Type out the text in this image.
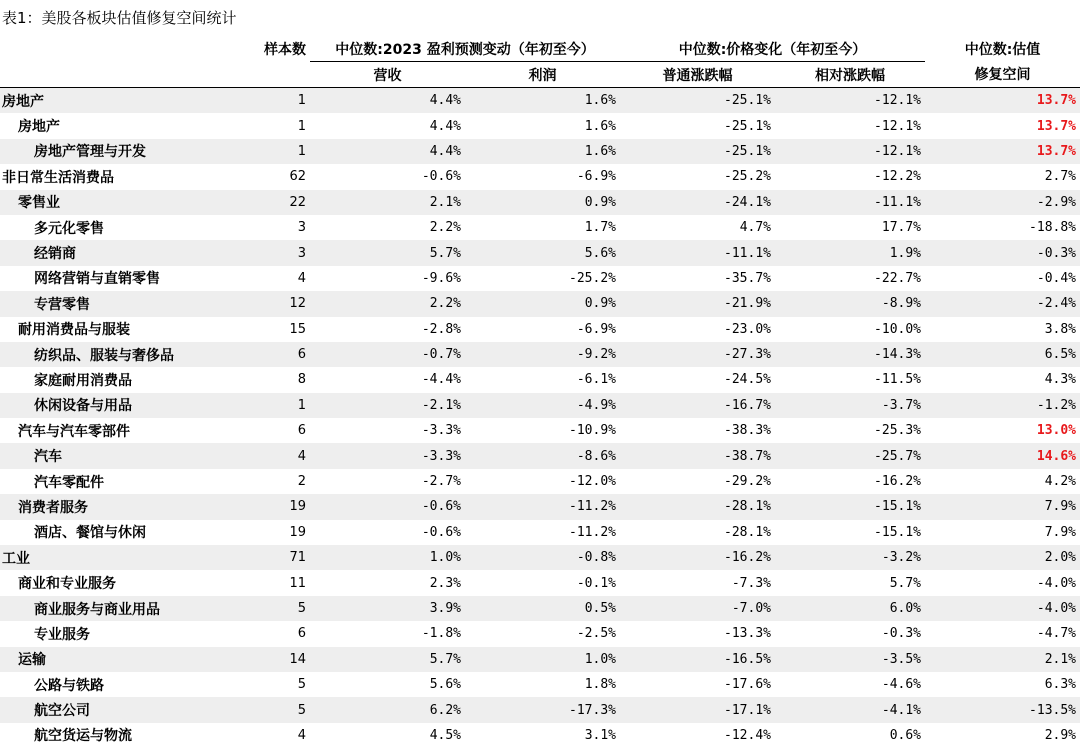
表1：美股各板块估值修复空间统计
	样本数	中位数:2023 盈利预测变动（年初至今）		中位数:价格变化（年初至今）		中位数:估值
		营收	利润	普通涨跌幅	相对涨跌幅	修复空间
房地产	1	4.4%	1.6%	-25.1%	-12.1%	13.7%
房地产	1	4.4%	1.6%	-25.1%	-12.1%	13.7%
房地产管理与开发	1	4.4%	1.6%	-25.1%	-12.1%	13.7%
非日常生活消费品	62	-0.6%	-6.9%	-25.2%	-12.2%	2.7%
零售业	22	2.1%	0.9%	-24.1%	-11.1%	-2.9%
多元化零售	3	2.2%	1.7%	4.7%	17.7%	-18.8%
经销商	3	5.7%	5.6%	-11.1%	1.9%	-0.3%
网络营销与直销零售	4	-9.6%	-25.2%	-35.7%	-22.7%	-0.4%
专营零售	12	2.2%	0.9%	-21.9%	-8.9%	-2.4%
耐用消费品与服装	15	-2.8%	-6.9%	-23.0%	-10.0%	3.8%
纺织品、服装与奢侈品	6	-0.7%	-9.2%	-27.3%	-14.3%	6.5%
家庭耐用消费品	8	-4.4%	-6.1%	-24.5%	-11.5%	4.3%
休闲设备与用品	1	-2.1%	-4.9%	-16.7%	-3.7%	-1.2%
汽车与汽车零部件	6	-3.3%	-10.9%	-38.3%	-25.3%	13.0%
汽车	4	-3.3%	-8.6%	-38.7%	-25.7%	14.6%
汽车零配件	2	-2.7%	-12.0%	-29.2%	-16.2%	4.2%
消费者服务	19	-0.6%	-11.2%	-28.1%	-15.1%	7.9%
酒店、餐馆与休闲	19	-0.6%	-11.2%	-28.1%	-15.1%	7.9%
工业	71	1.0%	-0.8%	-16.2%	-3.2%	2.0%
商业和专业服务	11	2.3%	-0.1%	-7.3%	5.7%	-4.0%
商业服务与商业用品	5	3.9%	0.5%	-7.0%	6.0%	-4.0%
专业服务	6	-1.8%	-2.5%	-13.3%	-0.3%	-4.7%
运输	14	5.7%	1.0%	-16.5%	-3.5%	2.1%
公路与铁路	5	5.6%	1.8%	-17.6%	-4.6%	6.3%
航空公司	5	6.2%	-17.3%	-17.1%	-4.1%	-13.5%
航空货运与物流	4	4.5%	3.1%	-12.4%	0.6%	2.9%
